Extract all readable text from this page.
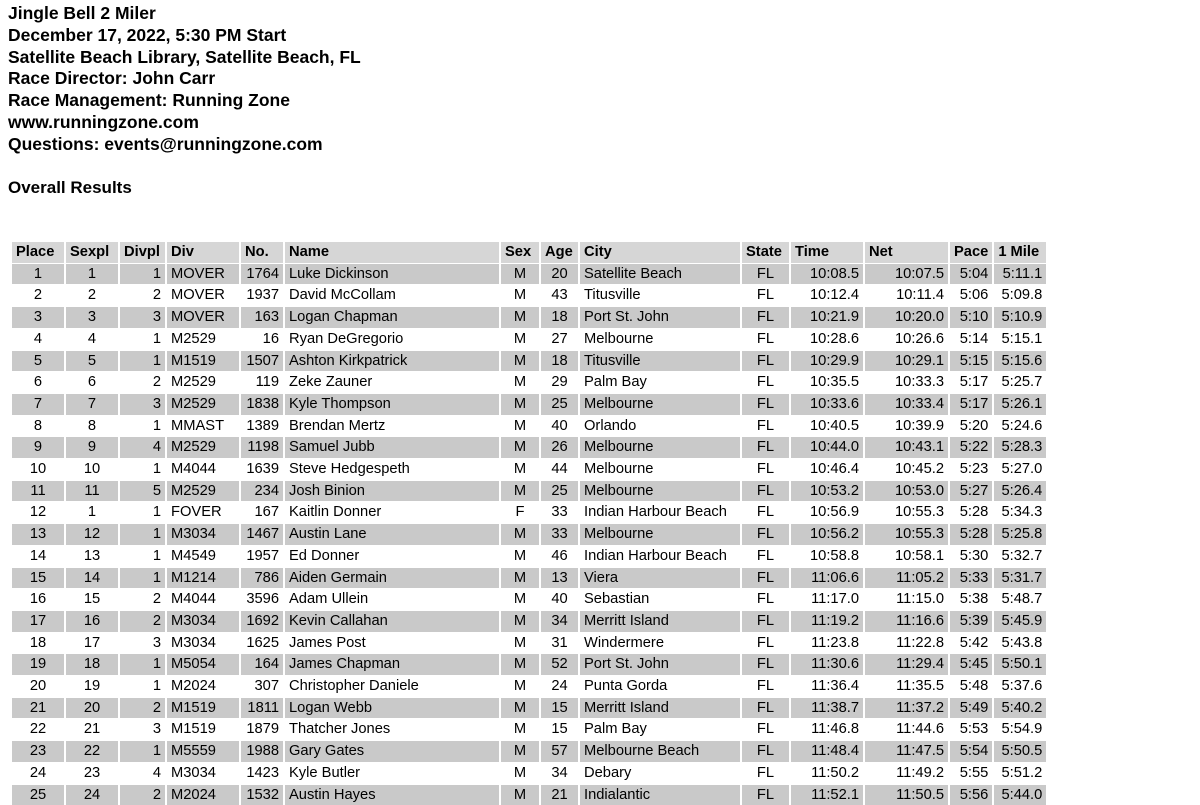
Jingle Bell 2 Miler
December 17, 2022, 5:30 PM Start
Satellite Beach Library, Satellite Beach, FL
Race Director: John Carr
Race Management: Running Zone
www.runningzone.com
Questions: events@runningzone.com
Overall Results
Place	Sexpl	Divpl	Div	No.	Name	Sex	Age	City	State	Time	Net	Pace	1 Mile
1	1	1	MOVER	1764	Luke Dickinson	M	20	Satellite Beach	FL	10:08.5	10:07.5	5:04	5:11.1
2	2	2	MOVER	1937	David McCollam	M	43	Titusville	FL	10:12.4	10:11.4	5:06	5:09.8
3	3	3	MOVER	163	Logan Chapman	M	18	Port St. John	FL	10:21.9	10:20.0	5:10	5:10.9
4	4	1	M2529	16	Ryan DeGregorio	M	27	Melbourne	FL	10:28.6	10:26.6	5:14	5:15.1
5	5	1	M1519	1507	Ashton Kirkpatrick	M	18	Titusville	FL	10:29.9	10:29.1	5:15	5:15.6
6	6	2	M2529	119	Zeke Zauner	M	29	Palm Bay	FL	10:35.5	10:33.3	5:17	5:25.7
7	7	3	M2529	1838	Kyle Thompson	M	25	Melbourne	FL	10:33.6	10:33.4	5:17	5:26.1
8	8	1	MMAST	1389	Brendan Mertz	M	40	Orlando	FL	10:40.5	10:39.9	5:20	5:24.6
9	9	4	M2529	1198	Samuel Jubb	M	26	Melbourne	FL	10:44.0	10:43.1	5:22	5:28.3
10	10	1	M4044	1639	Steve Hedgespeth	M	44	Melbourne	FL	10:46.4	10:45.2	5:23	5:27.0
11	11	5	M2529	234	Josh Binion	M	25	Melbourne	FL	10:53.2	10:53.0	5:27	5:26.4
12	1	1	FOVER	167	Kaitlin Donner	F	33	Indian Harbour Beach	FL	10:56.9	10:55.3	5:28	5:34.3
13	12	1	M3034	1467	Austin Lane	M	33	Melbourne	FL	10:56.2	10:55.3	5:28	5:25.8
14	13	1	M4549	1957	Ed Donner	M	46	Indian Harbour Beach	FL	10:58.8	10:58.1	5:30	5:32.7
15	14	1	M1214	786	Aiden Germain	M	13	Viera	FL	11:06.6	11:05.2	5:33	5:31.7
16	15	2	M4044	3596	Adam Ullein	M	40	Sebastian	FL	11:17.0	11:15.0	5:38	5:48.7
17	16	2	M3034	1692	Kevin Callahan	M	34	Merritt Island	FL	11:19.2	11:16.6	5:39	5:45.9
18	17	3	M3034	1625	James Post	M	31	Windermere	FL	11:23.8	11:22.8	5:42	5:43.8
19	18	1	M5054	164	James Chapman	M	52	Port St. John	FL	11:30.6	11:29.4	5:45	5:50.1
20	19	1	M2024	307	Christopher Daniele	M	24	Punta Gorda	FL	11:36.4	11:35.5	5:48	5:37.6
21	20	2	M1519	1811	Logan Webb	M	15	Merritt Island	FL	11:38.7	11:37.2	5:49	5:40.2
22	21	3	M1519	1879	Thatcher Jones	M	15	Palm Bay	FL	11:46.8	11:44.6	5:53	5:54.9
23	22	1	M5559	1988	Gary Gates	M	57	Melbourne Beach	FL	11:48.4	11:47.5	5:54	5:50.5
24	23	4	M3034	1423	Kyle Butler	M	34	Debary	FL	11:50.2	11:49.2	5:55	5:51.2
25	24	2	M2024	1532	Austin Hayes	M	21	Indialantic	FL	11:52.1	11:50.5	5:56	5:44.0
